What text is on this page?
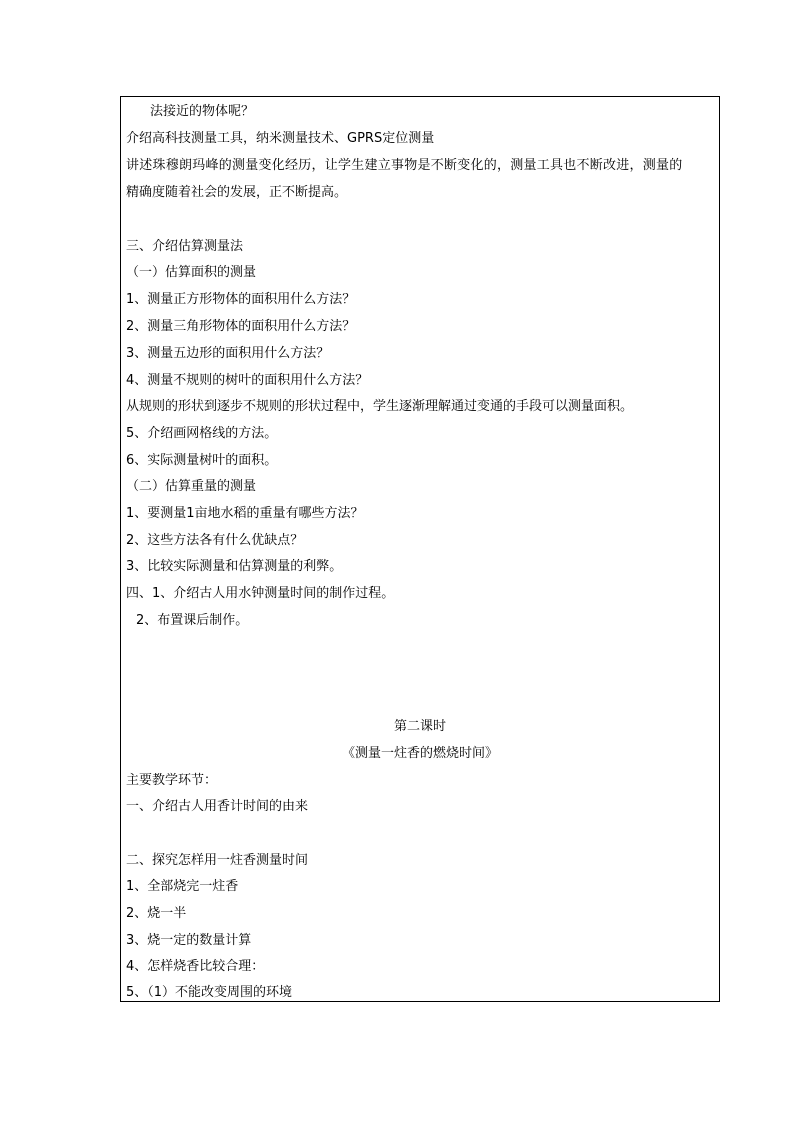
法接近的物体呢？
介绍高科技测量工具，纳米测量技术、GPRS定位测量
讲述珠穆朗玛峰的测量变化经历，让学生建立事物是不断变化的，测量工具也不断改进，测量的
精确度随着社会的发展，正不断提高。
三、介绍估算测量法
（一）估算面积的测量
1、测量正方形物体的面积用什么方法？
2、测量三角形物体的面积用什么方法？
3、测量五边形的面积用什么方法？
4、测量不规则的树叶的面积用什么方法？
从规则的形状到逐步不规则的形状过程中，学生逐渐理解通过变通的手段可以测量面积。
5、介绍画网格线的方法。
6、实际测量树叶的面积。
（二）估算重量的测量
1、要测量1亩地水稻的重量有哪些方法？
2、这些方法各有什么优缺点？
3、比较实际测量和估算测量的利弊。
四、1、介绍古人用水钟测量时间的制作过程。
2、布置课后制作。
第二课时
《测量一炷香的燃烧时间》
主要教学环节：
一、介绍古人用香计时间的由来
二、探究怎样用一炷香测量时间
1、全部烧完一炷香
2、烧一半
3、烧一定的数量计算
4、怎样烧香比较合理：
5、（1）不能改变周围的环境
